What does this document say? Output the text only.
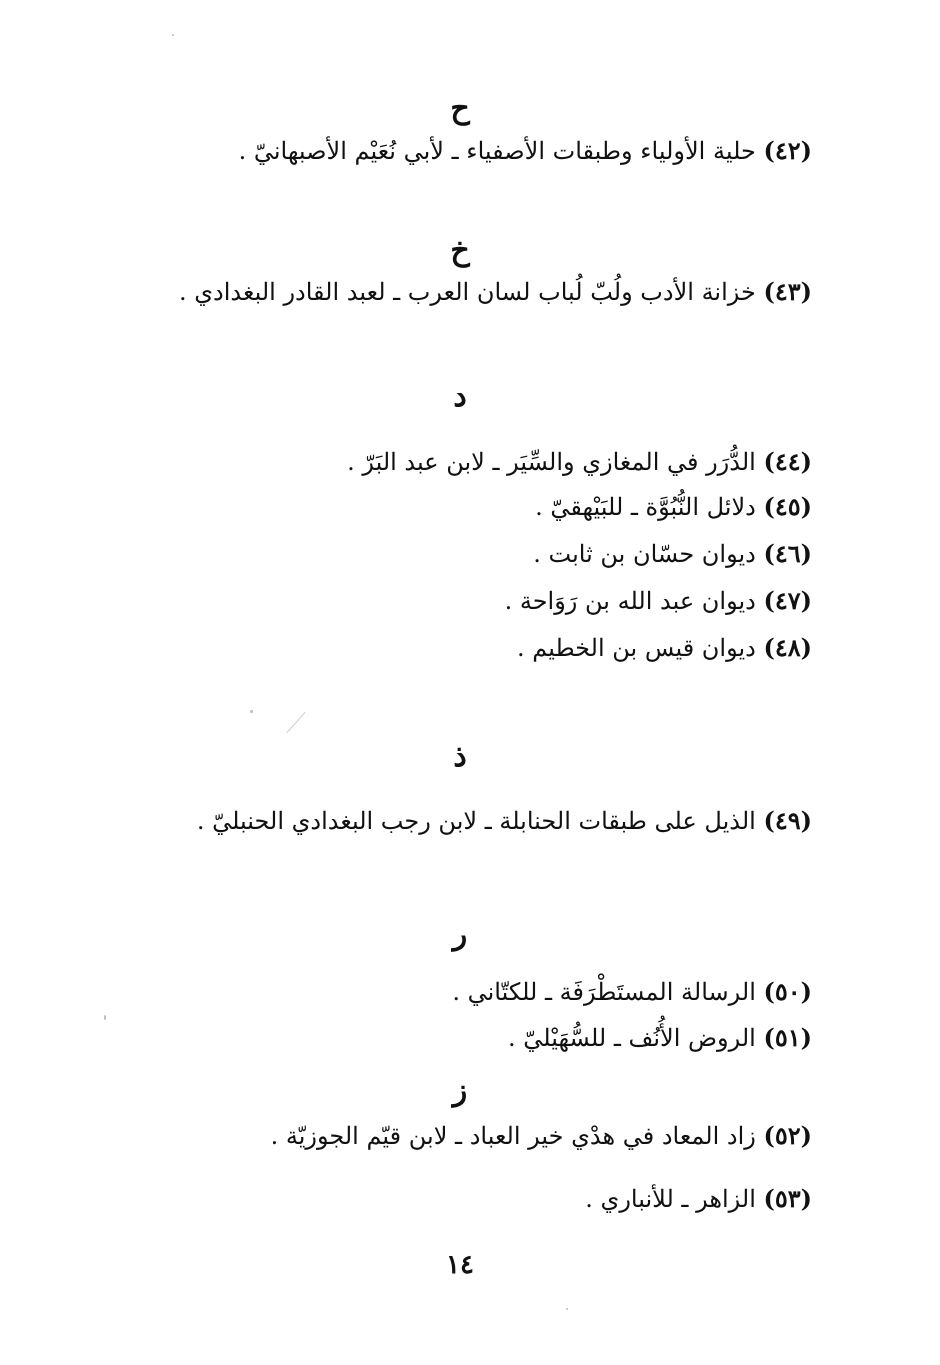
ح
(٤٢) حلية الأولياء وطبقات الأصفياء ـ لأبي نُعَيْم الأصبهانيّ .
خ
(٤٣) خزانة الأدب ولُبّ لُباب لسان العرب ـ لعبد القادر البغدادي .
د
(٤٤) الدُّرَر في المغازي والسِّيَر ـ لابن عبد البَرّ .
(٤٥) دلائل النُّبُوَّة ـ للبَيْهقيّ .
(٤٦) ديوان حسّان بن ثابت .
(٤٧) ديوان عبد الله بن رَوَاحة .
(٤٨) ديوان قيس بن الخطيم .
ذ
(٤٩) الذيل على طبقات الحنابلة ـ لابن رجب البغدادي الحنبليّ .
ر
(٥٠) الرسالة المستَطْرَفَة ـ للكتّاني .
(٥١) الروض الأُنُف ـ للسُّهَيْليّ .
ز
(٥٢) زاد المعاد في هدْي خير العباد ـ لابن قيّم الجوزيّة .
(٥٣) الزاهر ـ للأنباري .
١٤
